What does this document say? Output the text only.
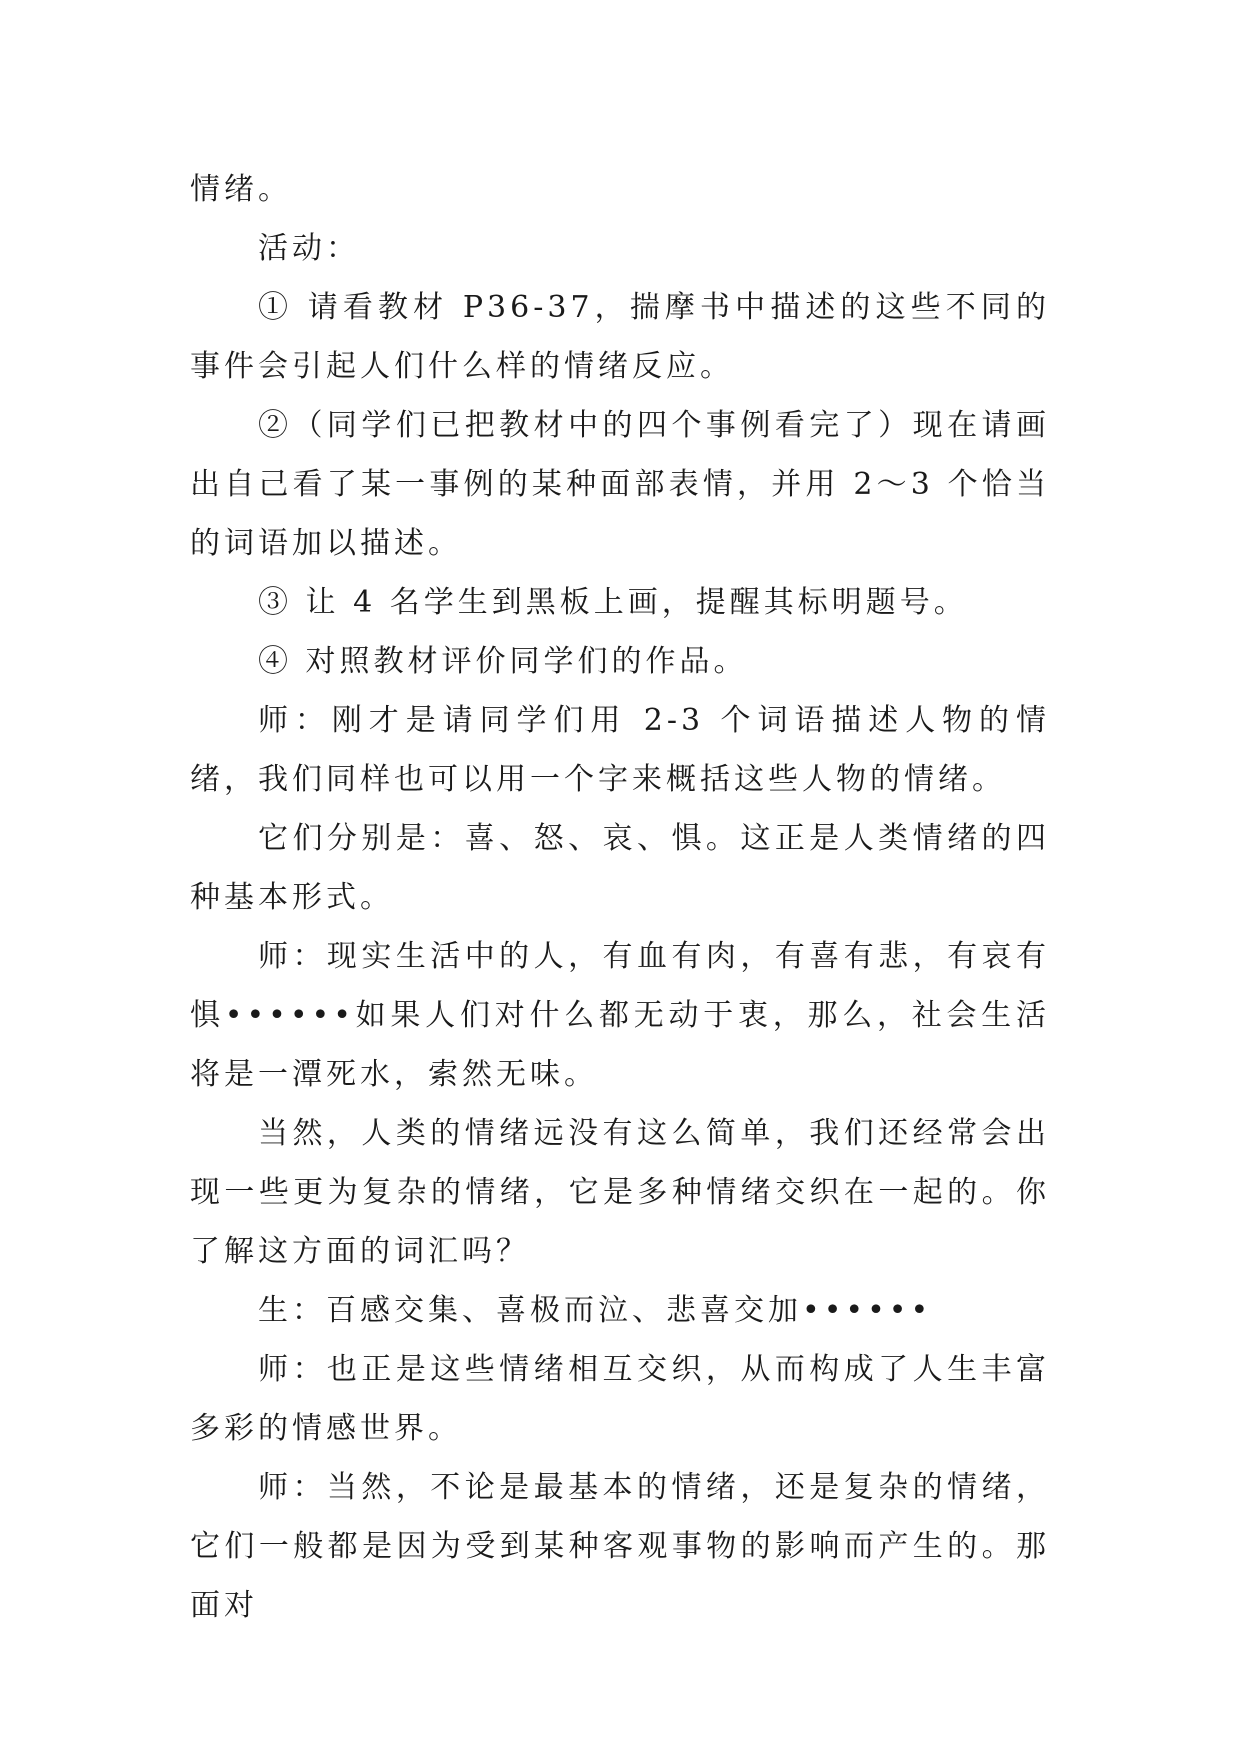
情绪。

活动：

① 请看教材 P36-37，揣摩书中描述的这些不同的事件会引起人们什么样的情绪反应。

②（同学们已把教材中的四个事例看完了）现在请画出自己看了某一事例的某种面部表情，并用 2～3 个恰当的词语加以描述。

③ 让 4 名学生到黑板上画，提醒其标明题号。

④ 对照教材评价同学们的作品。

师：刚才是请同学们用 2-3 个词语描述人物的情绪，我们同样也可以用一个字来概括这些人物的情绪。

它们分别是：喜、怒、哀、惧。这正是人类情绪的四种基本形式。

师：现实生活中的人，有血有肉，有喜有悲，有哀有惧••••••如果人们对什么都无动于衷，那么，社会生活将是一潭死水，索然无味。

当然，人类的情绪远没有这么简单，我们还经常会出现一些更为复杂的情绪，它是多种情绪交织在一起的。你了解这方面的词汇吗？

生：百感交集、喜极而泣、悲喜交加••••••

师：也正是这些情绪相互交织，从而构成了人生丰富多彩的情感世界。

师：当然，不论是最基本的情绪，还是复杂的情绪，它们一般都是因为受到某种客观事物的影响而产生的。那面对
